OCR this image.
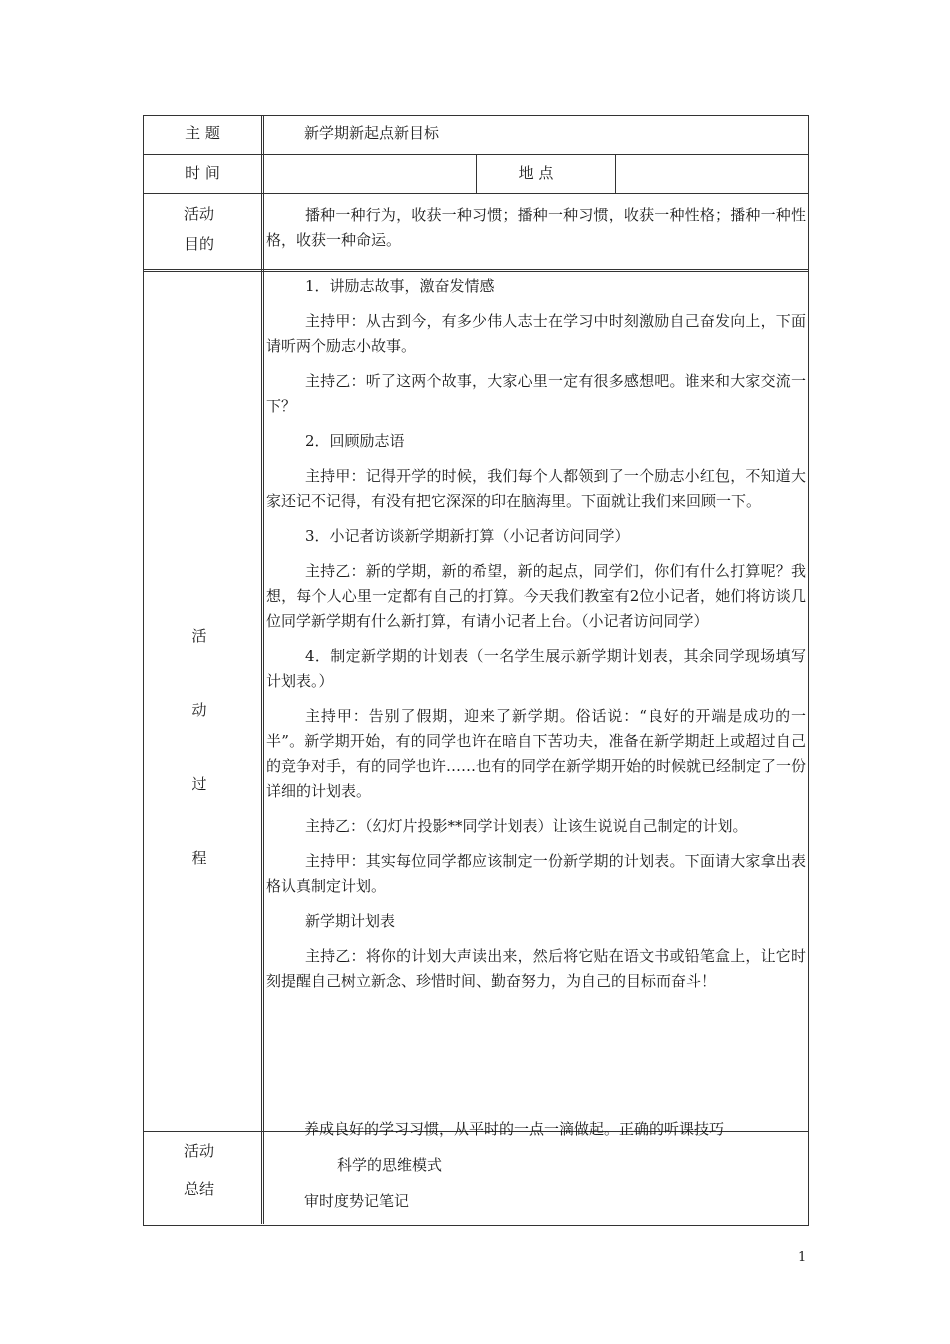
主 题	新学期新起点新目标
时 间	地 点
活动
目的

播种一种行为，收获一种习惯；播种一种习惯，收获一种性格；播种一种性格，收获一种命运。

活
动
过
程

1．讲励志故事，激奋发情感

主持甲：从古到今，有多少伟人志士在学习中时刻激励自己奋发向上，下面请听两个励志小故事。

主持乙：听了这两个故事，大家心里一定有很多感想吧。谁来和大家交流一下？

2．回顾励志语

主持甲：记得开学的时候，我们每个人都领到了一个励志小红包，不知道大家还记不记得，有没有把它深深的印在脑海里。下面就让我们来回顾一下。

3．小记者访谈新学期新打算（小记者访问同学）

主持乙：新的学期，新的希望，新的起点，同学们，你们有什么打算呢？我想，每个人心里一定都有自己的打算。今天我们教室有2位小记者，她们将访谈几位同学新学期有什么新打算，有请小记者上台。（小记者访问同学）

4．制定新学期的计划表（一名学生展示新学期计划表，其余同学现场填写计划表。）

主持甲：告别了假期，迎来了新学期。俗话说：“良好的开端是成功的一半”。新学期开始，有的同学也许在暗自下苦功夫，准备在新学期赶上或超过自己的竞争对手，有的同学也许……也有的同学在新学期开始的时候就已经制定了一份详细的计划表。

主持乙：（幻灯片投影**同学计划表）让该生说说自己制定的计划。

主持甲：其实每位同学都应该制定一份新学期的计划表。下面请大家拿出表格认真制定计划。

新学期计划表

主持乙：将你的计划大声读出来，然后将它贴在语文书或铅笔盒上，让它时刻提醒自己树立新念、珍惜时间、勤奋努力，为自己的目标而奋斗！

活动
总结
养成良好的学习习惯，从平时的一点一滴做起。正确的听课技巧
科学的思维模式
审时度势记笔记
1
